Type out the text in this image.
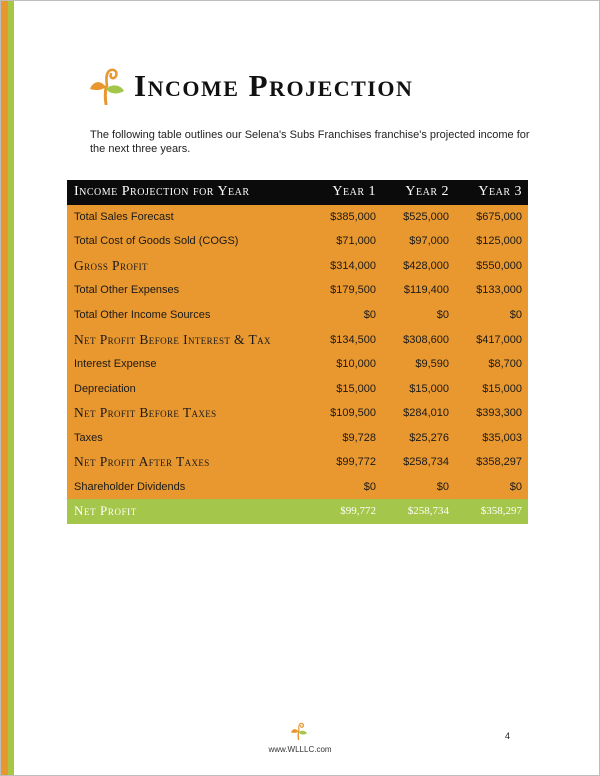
Income Projection
The following table outlines our Selena's Subs Franchises franchise's projected income for the next three years.
Income Projection for Year	Year 1	Year 2	Year 3
Total Sales Forecast	$385,000	$525,000	$675,000
Total Cost of Goods Sold (COGS)	$71,000	$97,000	$125,000
Gross Profit	$314,000	$428,000	$550,000
Total Other Expenses	$179,500	$119,400	$133,000
Total Other Income Sources	$0	$0	$0
Net Profit Before Interest & Tax	$134,500	$308,600	$417,000
Interest Expense	$10,000	$9,590	$8,700
Depreciation	$15,000	$15,000	$15,000
Net Profit Before Taxes	$109,500	$284,010	$393,300
Taxes	$9,728	$25,276	$35,003
Net Profit After Taxes	$99,772	$258,734	$358,297
Shareholder Dividends	$0	$0	$0
Net Profit	$99,772	$258,734	$358,297
www.WLLLC.com
4
